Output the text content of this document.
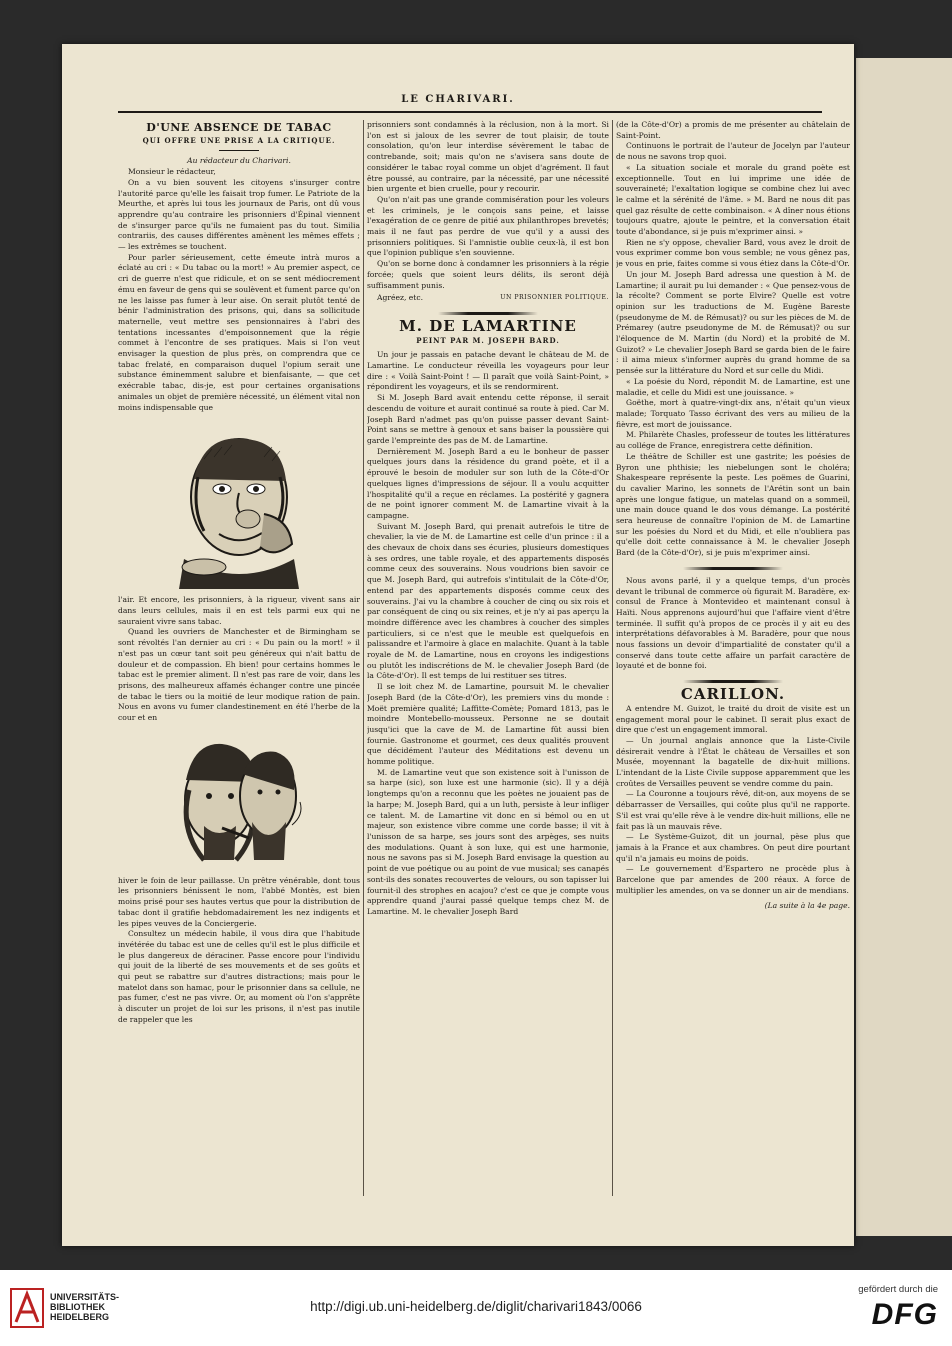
LE CHARIVARI.
D'UNE ABSENCE DE TABAC
QUI OFFRE UNE PRISE A LA CRITIQUE.
Au rédacteur du Charivari.

Monsieur le rédacteur,

On a vu bien souvent les citoyens s'insurger contre l'autorité parce qu'elle les faisait trop fumer. Le Patriote de la Meurthe, et après lui tous les journaux de Paris, ont dû vous apprendre qu'au contraire les prisonniers d'Épinal viennent de s'insurger parce qu'ils ne fumaient pas du tout. Similia contrariis, des causes différentes amènent les mêmes effets ; — les extrêmes se touchent.

Pour parler sérieusement, cette émeute intrà muros a éclaté au cri : « Du tabac ou la mort! » Au premier aspect, ce cri de guerre n'est que ridicule, et on se sent médiocrement ému en faveur de gens qui se soulèvent et fument parce qu'on ne les laisse pas fumer à leur aise. On serait plutôt tenté de bénir l'administration des prisons, qui, dans sa sollicitude maternelle, veut mettre ses pensionnaires à l'abri des tentations incessantes d'empoisonnement que la régie commet à l'encontre de ses pratiques. Mais si l'on veut envisager la question de plus près, on comprendra que ce tabac frelaté, en comparaison duquel l'opium serait une substance éminemment salubre et bienfaisante, — que cet exécrable tabac, dis-je, est pour certaines organisations animales un objet de première nécessité, un élément vital non moins indispensable que

l'air. Et encore, les prisonniers, à la rigueur, vivent sans air dans leurs cellules, mais il en est tels parmi eux qui ne sauraient vivre sans tabac.

Quand les ouvriers de Manchester et de Birmingham se sont révoltés l'an dernier au cri : « Du pain ou la mort! » il n'est pas un cœur tant soit peu généreux qui n'ait battu de douleur et de compassion. Eh bien! pour certains hommes le tabac est le premier aliment. Il n'est pas rare de voir, dans les prisons, des malheureux affamés échanger contre une pincée de tabac le tiers ou la moitié de leur modique ration de pain. Nous en avons vu fumer clandestinement en été l'herbe de la cour et en

hiver le foin de leur paillasse. Un prêtre vénérable, dont tous les prisonniers bénissent le nom, l'abbé Montès, est bien moins prisé pour ses hautes vertus que pour la distribution de tabac dont il gratifie hebdomadairement les nez indigents et les pipes veuves de la Conciergerie.

Consultez un médecin habile, il vous dira que l'habitude invétérée du tabac est une de celles qu'il est le plus difficile et le plus dangereux de déraciner. Passe encore pour l'individu qui jouit de la liberté de ses mouvements et de ses goûts et qui peut se rabattre sur d'autres distractions; mais pour le matelot dans son hamac, pour le prisonnier dans sa cellule, ne pas fumer, c'est ne pas vivre. Or, au moment où l'on s'apprête à discuter un projet de loi sur les prisons, il n'est pas inutile de rappeler que les

prisonniers sont condamnés à la réclusion, non à la mort. Si l'on est si jaloux de les sevrer de tout plaisir, de toute consolation, qu'on leur interdise sévèrement le tabac de contrebande, soit; mais qu'on ne s'avisera sans doute de considérer le tabac royal comme un objet d'agrément. Il faut être poussé, au contraire, par la nécessité, par une nécessité bien urgente et bien cruelle, pour y recourir.

Qu'on n'ait pas une grande commisération pour les voleurs et les criminels, je le conçois sans peine, et laisse l'exagération de ce genre de pitié aux philanthropes brevetés; mais il ne faut pas perdre de vue qu'il y a aussi des prisonniers politiques. Si l'amnistie oublie ceux-là, il est bon que l'opinion publique s'en souvienne.

Qu'on se borne donc à condamner les prisonniers à la régie forcée; quels que soient leurs délits, ils seront déjà suffisamment punis.

Agréez, etc.	UN PRISONNIER POLITIQUE.
M. DE LAMARTINE
PEINT PAR M. JOSEPH BARD.

Un jour je passais en patache devant le château de M. de Lamartine. Le conducteur réveilla les voyageurs pour leur dire : « Voilà Saint-Point ! — Il paraît que voilà Saint-Point, » répondirent les voyageurs, et ils se rendormirent.

Si M. Joseph Bard avait entendu cette réponse, il serait descendu de voiture et aurait continué sa route à pied. Car M. Joseph Bard n'admet pas qu'on puisse passer devant Saint-Point sans se mettre à genoux et sans baiser la poussière qui garde l'empreinte des pas de M. de Lamartine.

Dernièrement M. Joseph Bard a eu le bonheur de passer quelques jours dans la résidence du grand poète, et il a éprouvé le besoin de moduler sur son luth de la Côte-d'Or quelques lignes d'impressions de séjour. Il a voulu acquitter l'hospitalité qu'il a reçue en réclames. La postérité y gagnera de ne point ignorer comment M. de Lamartine vivait à la campagne.

Suivant M. Joseph Bard, qui prenait autrefois le titre de chevalier, la vie de M. de Lamartine est celle d'un prince : il a des chevaux de choix dans ses écuries, plusieurs domestiques à ses ordres, une table royale, et des appartements disposés comme ceux des souverains. Nous voudrions bien savoir ce que M. Joseph Bard, qui autrefois s'intitulait de la Côte-d'Or, entend par des appartements disposés comme ceux des souverains. J'ai vu la chambre à coucher de cinq ou six rois et par conséquent de cinq ou six reines, et je n'y ai pas aperçu la moindre différence avec les chambres à coucher des simples particuliers, si ce n'est que le meuble est quelquefois en palissandre et l'armoire à glace en malachite. Quant à la table royale de M. de Lamartine, nous en croyons les indigestions ou plutôt les indiscrétions de M. le chevalier Joseph Bard (de la Côte-d'Or). Il est temps de lui restituer ses titres.

Il se loit chez M. de Lamartine, poursuit M. le chevalier Joseph Bard (de la Côte-d'Or), les premiers vins du monde : Moët première qualité; Laffitte-Comète; Pomard 1813, pas le moindre Montebello-mousseux. Personne ne se doutait jusqu'ici que la cave de M. de Lamartine fût aussi bien fournie. Gastronome et gourmet, ces deux qualités prouvent que décidément l'auteur des Méditations est devenu un homme politique.

M. de Lamartine veut que son existence soit à l'unisson de sa harpe (sic), son luxe est une harmonie (sic). Il y a déjà longtemps qu'on a reconnu que les poètes ne jouaient pas de la harpe; M. Joseph Bard, qui a un luth, persiste à leur infliger ce talent. M. de Lamartine vit donc en si bémol ou en ut majeur, son existence vibre comme une corde basse; il vit à l'unisson de sa harpe, ses jours sont des arpèges, ses nuits des modulations. Quant à son luxe, qui est une harmonie, nous ne savons pas si M. Joseph Bard envisage la question au point de vue poétique ou au point de vue musical; ses canapés sont-ils des sonates recouvertes de velours, ou son tapisser lui fournit-il des strophes en acajou? c'est ce que je compte vous apprendre quand j'aurai passé quelque temps chez M. de Lamartine. M. le chevalier Joseph Bard

(de la Côte-d'Or) a promis de me présenter au châtelain de Saint-Point.

Continuons le portrait de l'auteur de Jocelyn par l'auteur de nous ne savons trop quoi.

« La situation sociale et morale du grand poète est exceptionnelle. Tout en lui imprime une idée de souveraineté; l'exaltation logique se combine chez lui avec le calme et la sérénité de l'âme. » M. Bard ne nous dit pas quel gaz résulte de cette combinaison. « A dîner nous étions toujours quatre, ajoute le peintre, et la conversation était toute d'abondance, si je puis m'exprimer ainsi. »

Rien ne s'y oppose, chevalier Bard, vous avez le droit de vous exprimer comme bon vous semble; ne vous gênez pas, je vous en prie, faites comme si vous étiez dans la Côte-d'Or.

Un jour M. Joseph Bard adressa une question à M. de Lamartine; il aurait pu lui demander : « Que pensez-vous de la récolte? Comment se porte Elvire? Quelle est votre opinion sur les traductions de M. Eugène Bareste (pseudonyme de M. de Rémusat)? ou sur les pièces de M. de Prémarey (autre pseudonyme de M. de Rémusat)? ou sur l'éloquence de M. Martin (du Nord) et la probité de M. Guizot? » Le chevalier Joseph Bard se garda bien de le faire : il aima mieux s'informer auprès du grand homme de sa pensée sur la littérature du Nord et sur celle du Midi.

« La poésie du Nord, répondit M. de Lamartine, est une maladie, et celle du Midi est une jouissance. »

Goëthe, mort à quatre-vingt-dix ans, n'était qu'un vieux malade; Torquato Tasso écrivant des vers au milieu de la fièvre, est mort de jouissance.

M. Philarète Chasles, professeur de toutes les littératures au collége de France, enregistrera cette définition.

Le théâtre de Schiller est une gastrite; les poésies de Byron une phthisie; les niebelungen sont le choléra; Shakespeare représente la peste. Les poëmes de Guarini, du cavalier Marino, les sonnets de l'Arétin sont un bain après une longue fatigue, un matelas quand on a sommeil, une main douce quand le dos vous démange. La postérité sera heureuse de connaître l'opinion de M. de Lamartine sur les poésies du Nord et du Midi, et elle n'oubliera pas qu'elle doit cette connaissance à M. le chevalier Joseph Bard (de la Côte-d'Or), si je puis m'exprimer ainsi.

Nous avons parlé, il y a quelque temps, d'un procès devant le tribunal de commerce où figurait M. Baradère, ex-consul de France à Montevideo et maintenant consul à Haïti. Nous apprenons aujourd'hui que l'affaire vient d'être terminée. Il suffit qu'à propos de ce procès il y ait eu des interprétations défavorables à M. Baradère, pour que nous nous fassions un devoir d'impartialité de constater qu'il a conservé dans toute cette affaire un parfait caractère de loyauté et de bonne foi.

CARILLON.

A entendre M. Guizot, le traité du droit de visite est un engagement moral pour le cabinet. Il serait plus exact de dire que c'est un engagement immoral.

— Un journal anglais annonce que la Liste-Civile désirerait vendre à l'État le château de Versailles et son Musée, moyennant la bagatelle de dix-huit millions. L'intendant de la Liste Civile suppose apparemment que les croûtes de Versailles peuvent se vendre comme du pain.

— La Couronne a toujours rêvé, dit-on, aux moyens de se débarrasser de Versailles, qui coûte plus qu'il ne rapporte. S'il est vrai qu'elle rêve à le vendre dix-huit millions, elle ne fait pas là un mauvais rêve.

— Le Système-Guizot, dit un journal, pèse plus que jamais à la France et aux chambres. On peut dire pourtant qu'il n'a jamais eu moins de poids.

— Le gouvernement d'Espartero ne procède plus à Barcelone que par amendes de 200 réaux. A force de multiplier les amendes, on va se donner un air de mendians.

(La suite à la 4e page.
UNIVERSITÄTS-
BIBLIOTHEK
HEIDELBERG
http://digi.ub.uni-heidelberg.de/diglit/charivari1843/0066
gefördert durch die
DFG
